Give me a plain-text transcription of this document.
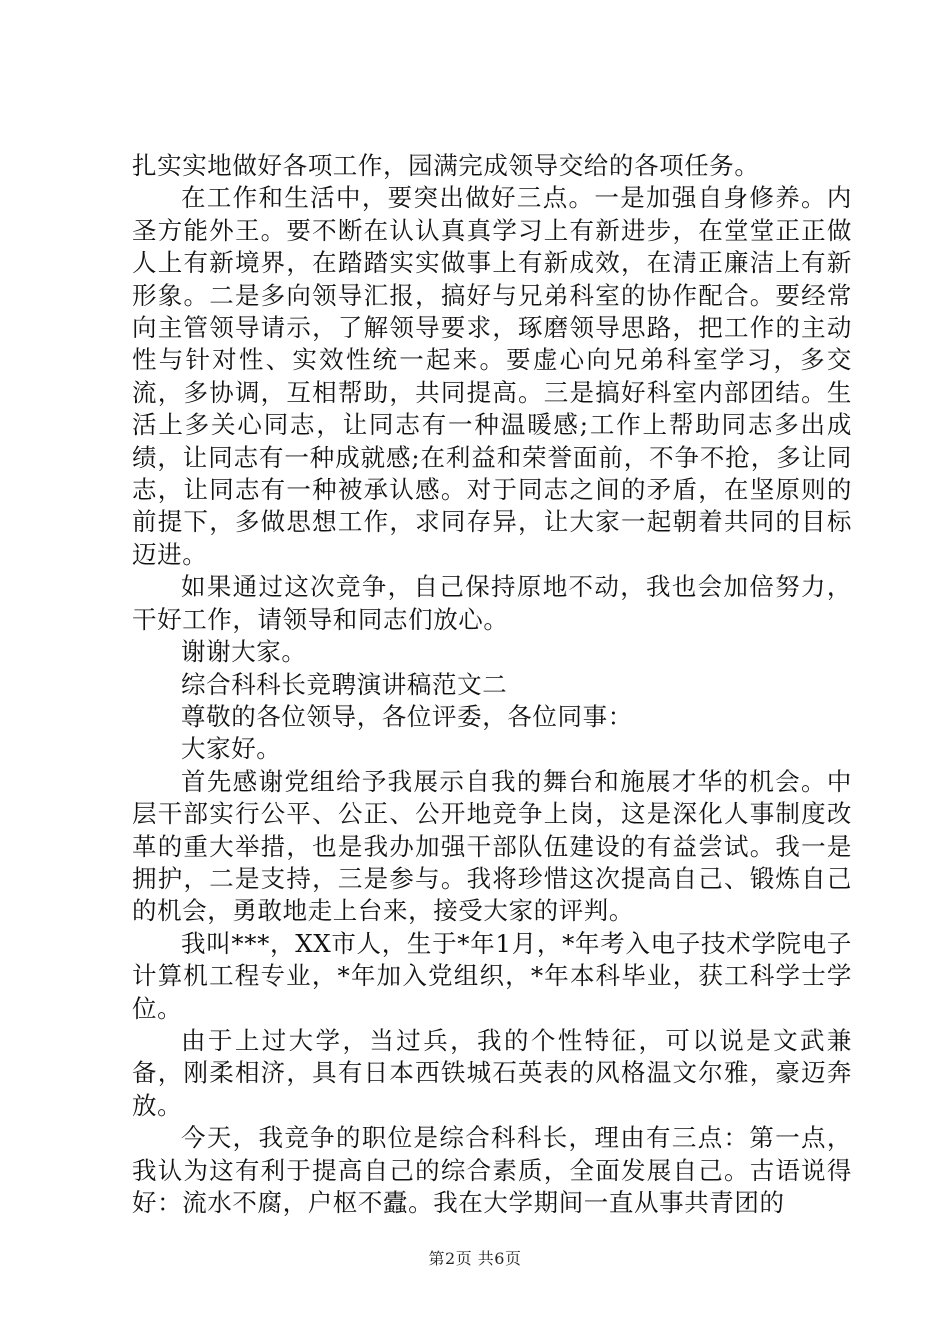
扎实实地做好各项工作，园满完成领导交给的各项任务。

在工作和生活中，要突出做好三点。一是加强自身修养。内圣方能外王。要不断在认认真真学习上有新进步，在堂堂正正做人上有新境界，在踏踏实实做事上有新成效，在清正廉洁上有新形象。二是多向领导汇报，搞好与兄弟科室的协作配合。要经常向主管领导请示，了解领导要求，琢磨领导思路，把工作的主动性与针对性、实效性统一起来。要虚心向兄弟科室学习，多交流，多协调，互相帮助，共同提高。三是搞好科室内部团结。生活上多关心同志，让同志有一种温暖感;工作上帮助同志多出成绩，让同志有一种成就感;在利益和荣誉面前，不争不抢，多让同志，让同志有一种被承认感。对于同志之间的矛盾，在坚原则的前提下，多做思想工作，求同存异，让大家一起朝着共同的目标迈进。

如果通过这次竞争，自己保持原地不动，我也会加倍努力，干好工作，请领导和同志们放心。

谢谢大家。

综合科科长竞聘演讲稿范文二

尊敬的各位领导，各位评委，各位同事：

大家好。

首先感谢党组给予我展示自我的舞台和施展才华的机会。中层干部实行公平、公正、公开地竞争上岗，这是深化人事制度改革的重大举措，也是我办加强干部队伍建设的有益尝试。我一是拥护，二是支持，三是参与。我将珍惜这次提高自己、锻炼自己的机会，勇敢地走上台来，接受大家的评判。

我叫***，XX市人，生于*年1月，*年考入电子技术学院电子计算机工程专业，*年加入党组织，*年本科毕业，获工科学士学位。

由于上过大学，当过兵，我的个性特征，可以说是文武兼备，刚柔相济，具有日本西铁城石英表的风格温文尔雅，豪迈奔放。

今天，我竞争的职位是综合科科长，理由有三点：第一点，我认为这有利于提高自己的综合素质，全面发展自己。古语说得好：流水不腐，户枢不蠹。我在大学期间一直从事共青团的

第2页 共6页
